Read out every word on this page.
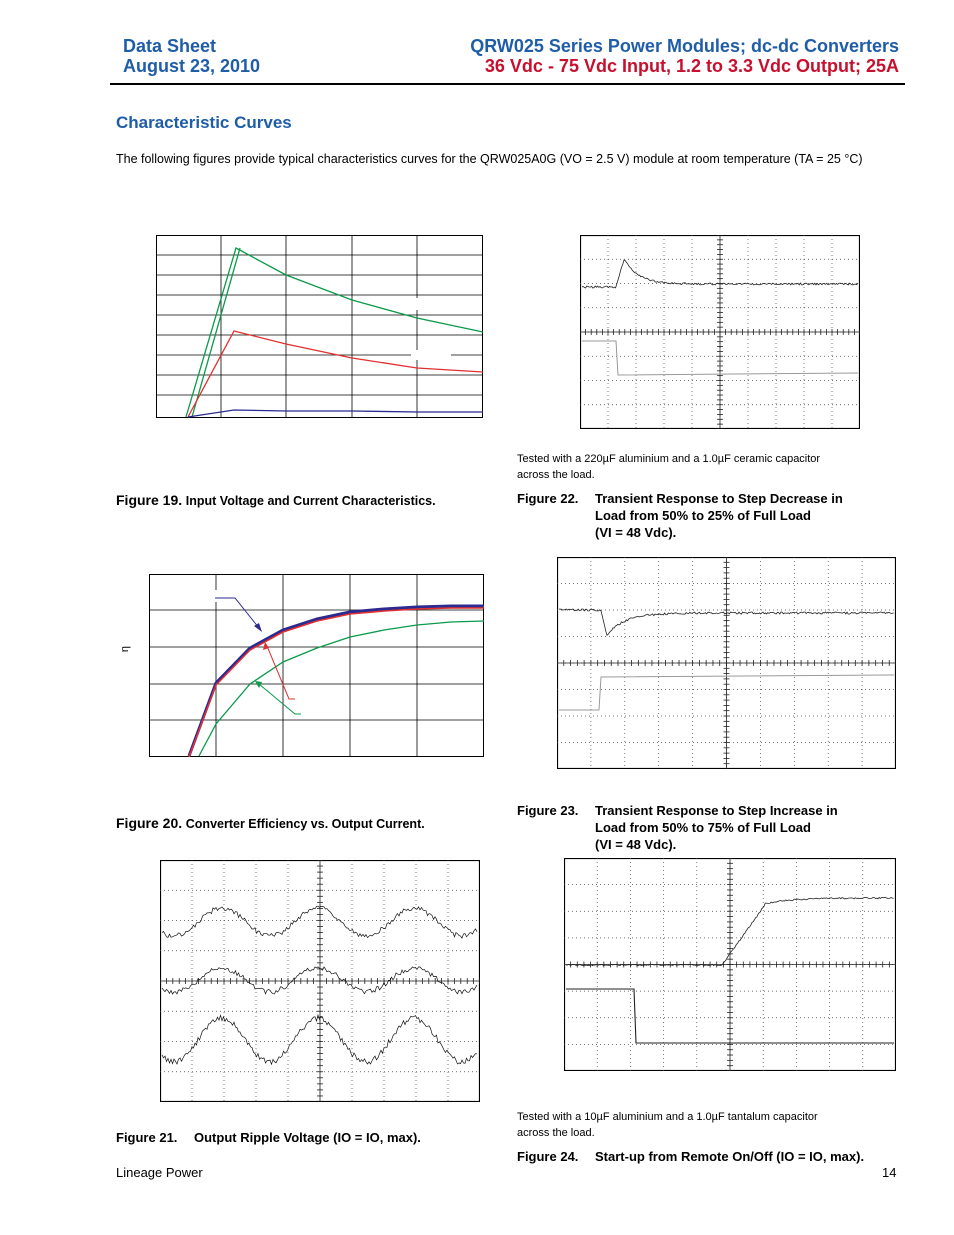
Data Sheet
August 23, 2010
QRW025 Series Power Modules; dc-dc Converters
36 Vdc - 75 Vdc Input, 1.2 to 3.3 Vdc Output; 25A
Characteristic Curves
The following figures provide typical characteristics curves for the QRW025A0G (VO = 2.5 V) module at room temperature (TA = 25 °C)
Figure 19. Input Voltage and Current Characteristics.
η
Figure 20. Converter Efficiency vs. Output Current.
Figure 21.	Output Ripple Voltage (IO = IO, max).
Tested with a 220µF aluminium and a 1.0µF ceramic capacitor
across the load.
Figure 22.	Transient Response to Step Decrease in
Load from 50% to 25% of Full Load
(VI = 48 Vdc).
Figure 23.	Transient Response to Step Increase in
Load from 50% to 75% of Full Load
(VI = 48 Vdc).
Tested with a 10µF aluminium and a 1.0µF tantalum capacitor
across the load.
Figure 24.	Start-up from Remote On/Off (IO = IO, max).
Lineage Power	14
